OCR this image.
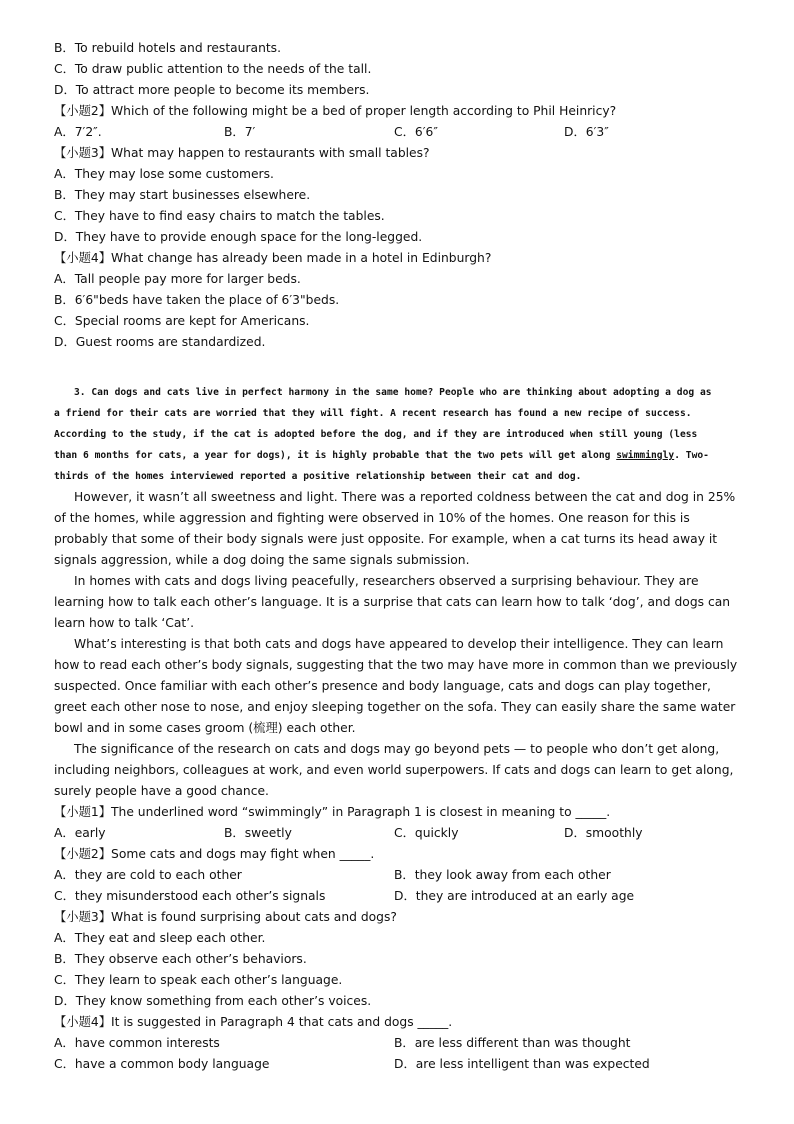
B．To rebuild hotels and restaurants.
C．To draw public attention to the needs of the tall.
D．To attract more people to become its members.
【小题2】Which of the following might be a bed of proper length according to Phil Heinricy?
A．7′2″.	B．7′	C．6′6″	D．6′3″
【小题3】What may happen to restaurants with small tables?
A．They may lose some customers.
B．They may start businesses elsewhere.
C．They have to find easy chairs to match the tables.
D．They have to provide enough space for the long-legged.
【小题4】What change has already been made in a hotel in Edinburgh?
A．Tall people pay more for larger beds.
B．6′6"beds have taken the place of 6′3"beds.
C．Special rooms are kept for Americans.
D．Guest rooms are standardized.
3. Can dogs and cats live in perfect harmony in the same home? People who are thinking about adopting a dog as
a friend for their cats are worried that they will fight. A recent research has found a new recipe of success.
According to the study, if the cat is adopted before the dog, and if they are introduced when still young (less
than 6 months for cats, a year for dogs), it is highly probable that the two pets will get along swimmingly. Two-
thirds of the homes interviewed reported a positive relationship between their cat and dog.
However, it wasn’t all sweetness and light. There was a reported coldness between the cat and dog in 25% of the homes, while aggression and fighting were observed in 10% of the homes. One reason for this is probably that some of their body signals were just opposite. For example, when a cat turns its head away it signals aggression, while a dog doing the same signals submission.
In homes with cats and dogs living peacefully, researchers observed a surprising behaviour. They are learning how to talk each other’s language. It is a surprise that cats can learn how to talk ‘dog’, and dogs can learn how to talk ‘Cat’.
What’s interesting is that both cats and dogs have appeared to develop their intelligence. They can learn how to read each other’s body signals, suggesting that the two may have more in common than we previously suspected. Once familiar with each other’s presence and body language, cats and dogs can play together, greet each other nose to nose, and enjoy sleeping together on the sofa. They can easily share the same water bowl and in some cases groom (梳理) each other.
The significance of the research on cats and dogs may go beyond pets — to people who don’t get along, including neighbors, colleagues at work, and even world superpowers. If cats and dogs can learn to get along, surely people have a good chance.
【小题1】The underlined word “swimmingly” in Paragraph 1 is closest in meaning to _____.
A．early	B．sweetly	C．quickly	D．smoothly
【小题2】Some cats and dogs may fight when _____.
A．they are cold to each other	B．they look away from each other
C．they misunderstood each other’s signals	D．they are introduced at an early age
【小题3】What is found surprising about cats and dogs?
A．They eat and sleep each other.
B．They observe each other’s behaviors.
C．They learn to speak each other’s language.
D．They know something from each other’s voices.
【小题4】It is suggested in Paragraph 4 that cats and dogs _____.
A．have common interests	B．are less different than was thought
C．have a common body language	D．are less intelligent than was expected
